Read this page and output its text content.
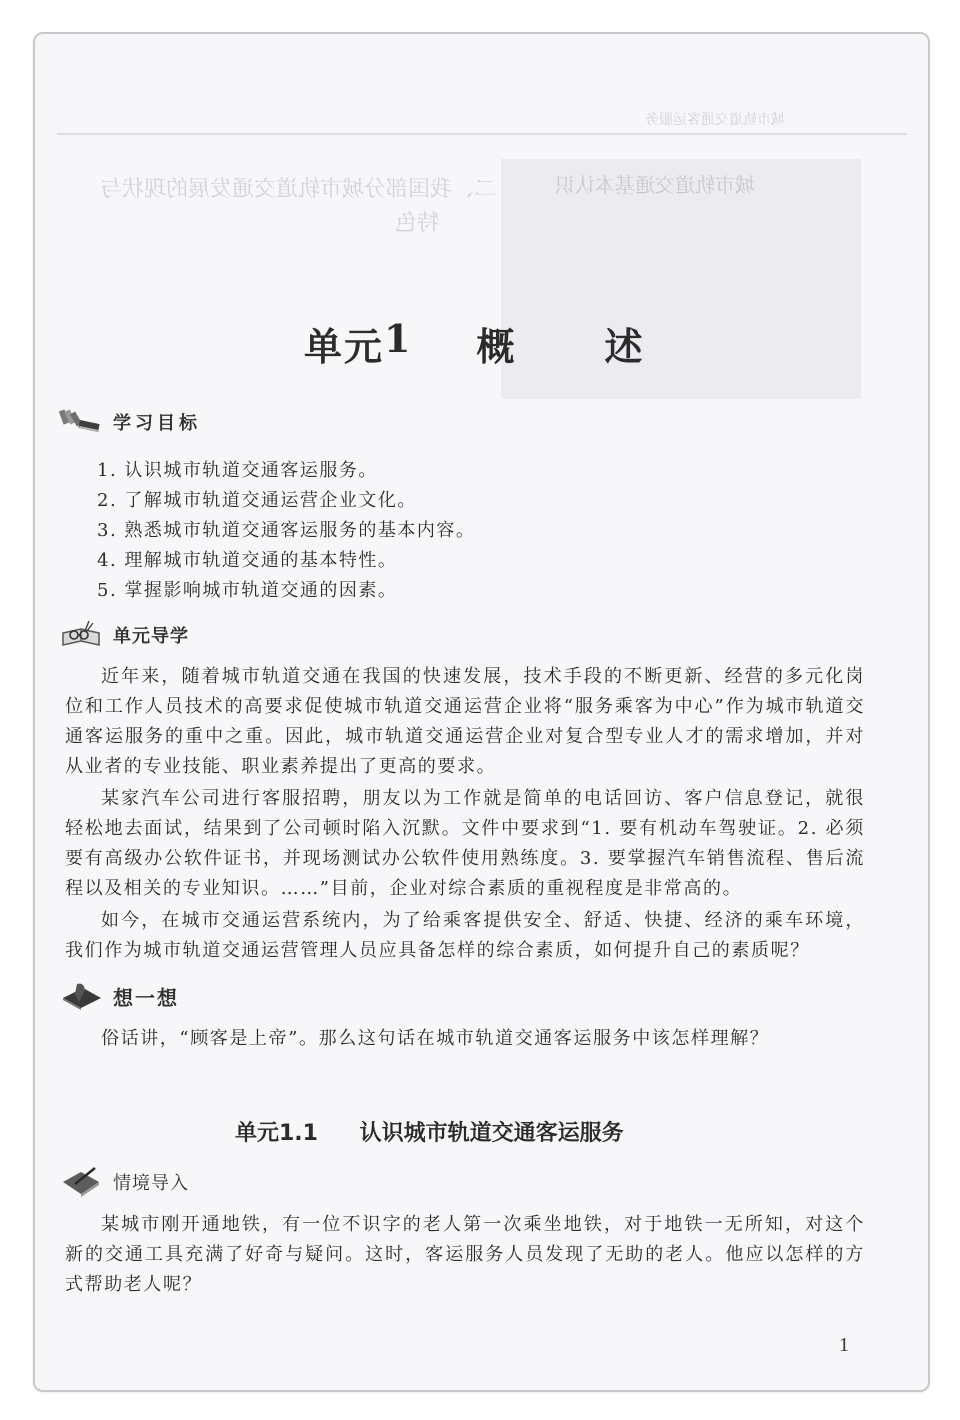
城市轨道交通客运服务
城市轨道交通基本认识
二、我国部分城市轨道交通发展的现状与
特色
单元 1 概 述
学习目标
1. 认识城市轨道交通客运服务。
2. 了解城市轨道交通运营企业文化。
3. 熟悉城市轨道交通客运服务的基本内容。
4. 理解城市轨道交通的基本特性。
5. 掌握影响城市轨道交通的因素。
单元导学

近年来，随着城市轨道交通在我国的快速发展，技术手段的不断更新、经营的多元化岗位和工作人员技术的高要求促使城市轨道交通运营企业将“服务乘客为中心”作为城市轨道交通客运服务的重中之重。因此，城市轨道交通运营企业对复合型专业人才的需求增加，并对从业者的专业技能、职业素养提出了更高的要求。

某家汽车公司进行客服招聘，朋友以为工作就是简单的电话回访、客户信息登记，就很轻松地去面试，结果到了公司顿时陷入沉默。文件中要求到“1. 要有机动车驾驶证。2. 必须要有高级办公软件证书，并现场测试办公软件使用熟练度。3. 要掌握汽车销售流程、售后流程以及相关的专业知识。……”目前，企业对综合素质的重视程度是非常高的。

如今，在城市交通运营系统内，为了给乘客提供安全、舒适、快捷、经济的乘车环境，我们作为城市轨道交通运营管理人员应具备怎样的综合素质，如何提升自己的素质呢？

想一想

俗话讲，“顾客是上帝”。那么这句话在城市轨道交通客运服务中该怎样理解？

单元1.1 认识城市轨道交通客运服务
情境导入

某城市刚开通地铁，有一位不识字的老人第一次乘坐地铁，对于地铁一无所知，对这个新的交通工具充满了好奇与疑问。这时，客运服务人员发现了无助的老人。他应以怎样的方式帮助老人呢？

1
